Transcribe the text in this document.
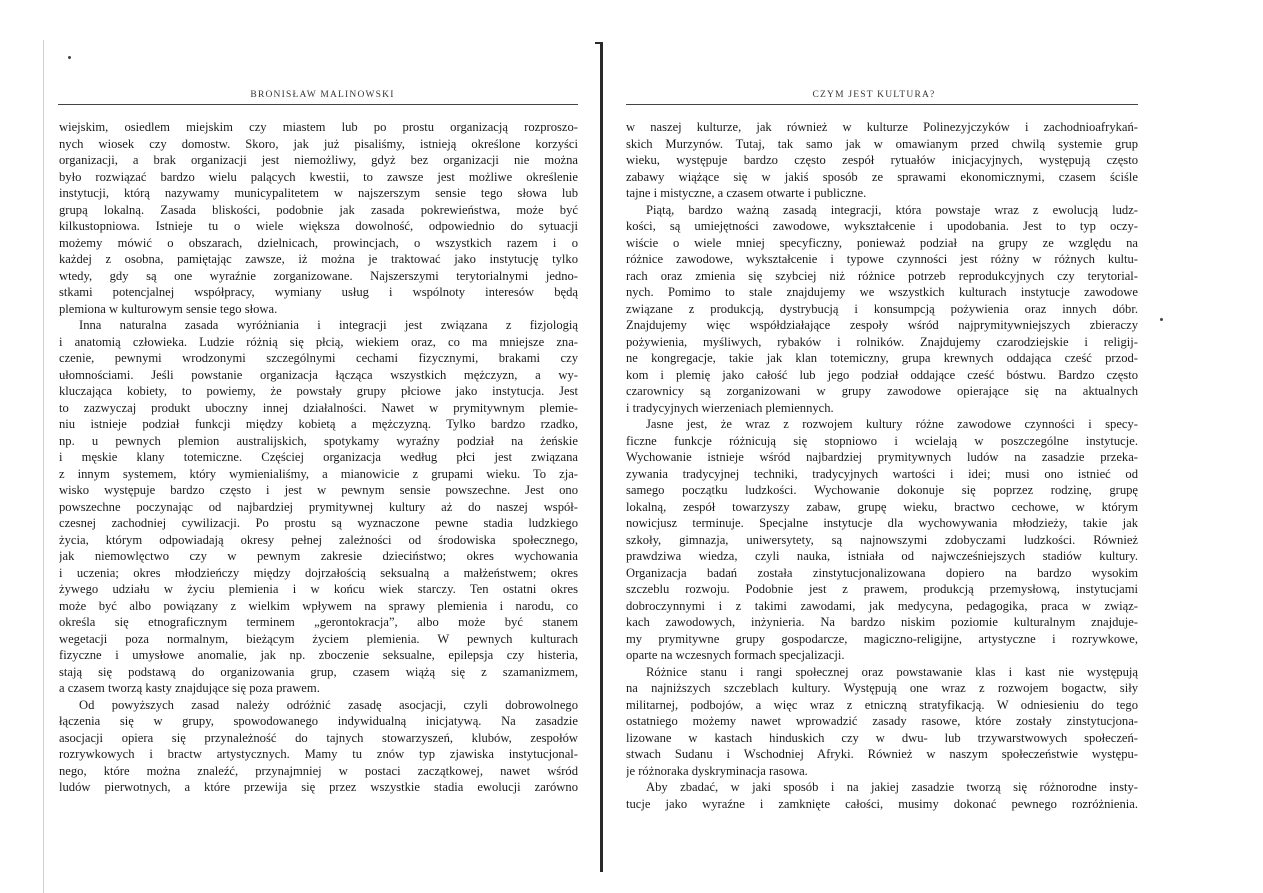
BRONISŁAW MALINOWSKI
wiejskim, osiedlem miejskim czy miastem lub po prostu organizacją rozproszo-
nych wiosek czy domostw. Skoro, jak już pisaliśmy, istnieją określone korzyści
organizacji, a brak organizacji jest niemożliwy, gdyż bez organizacji nie można
było rozwiązać bardzo wielu palących kwestii, to zawsze jest możliwe określenie
instytucji, którą nazywamy municypalitetem w najszerszym sensie tego słowa lub
grupą lokalną. Zasada bliskości, podobnie jak zasada pokrewieństwa, może być
kilkustopniowa. Istnieje tu o wiele większa dowolność, odpowiednio do sytuacji
możemy mówić o obszarach, dzielnicach, prowincjach, o wszystkich razem i o
każdej z osobna, pamiętając zawsze, iż można je traktować jako instytucję tylko
wtedy, gdy są one wyraźnie zorganizowane. Najszerszymi terytorialnymi jedno-
stkami potencjalnej współpracy, wymiany usług i wspólnoty interesów będą
plemiona w kulturowym sensie tego słowa.
Inna naturalna zasada wyróżniania i integracji jest związana z fizjologią
i anatomią człowieka. Ludzie różnią się płcią, wiekiem oraz, co ma mniejsze zna-
czenie, pewnymi wrodzonymi szczególnymi cechami fizycznymi, brakami czy
ułomnościami. Jeśli powstanie organizacja łącząca wszystkich mężczyzn, a wy-
kluczająca kobiety, to powiemy, że powstały grupy płciowe jako instytucja. Jest
to zazwyczaj produkt uboczny innej działalności. Nawet w prymitywnym plemie-
niu istnieje podział funkcji między kobietą a mężczyzną. Tylko bardzo rzadko,
np. u pewnych plemion australijskich, spotykamy wyraźny podział na żeńskie
i męskie klany totemiczne. Częściej organizacja według płci jest związana
z innym systemem, który wymienialiśmy, a mianowicie z grupami wieku. To zja-
wisko występuje bardzo często i jest w pewnym sensie powszechne. Jest ono
powszechne poczynając od najbardziej prymitywnej kultury aż do naszej współ-
czesnej zachodniej cywilizacji. Po prostu są wyznaczone pewne stadia ludzkiego
życia, którym odpowiadają okresy pełnej zależności od środowiska społecznego,
jak niemowlęctwo czy w pewnym zakresie dzieciństwo; okres wychowania
i uczenia; okres młodzieńczy między dojrzałością seksualną a małżeństwem; okres
żywego udziału w życiu plemienia i w końcu wiek starczy. Ten ostatni okres
może być albo powiązany z wielkim wpływem na sprawy plemienia i narodu, co
określa się etnograficznym terminem „gerontokracja”, albo może być stanem
wegetacji poza normalnym, bieżącym życiem plemienia. W pewnych kulturach
fizyczne i umysłowe anomalie, jak np. zboczenie seksualne, epilepsja czy histeria,
stają się podstawą do organizowania grup, czasem wiążą się z szamanizmem,
a czasem tworzą kasty znajdujące się poza prawem.
Od powyższych zasad należy odróżnić zasadę asocjacji, czyli dobrowolnego
łączenia się w grupy, spowodowanego indywidualną inicjatywą. Na zasadzie
asocjacji opiera się przynależność do tajnych stowarzyszeń, klubów, zespołów
rozrywkowych i bractw artystycznych. Mamy tu znów typ zjawiska instytucjonal-
nego, które można znaleźć, przynajmniej w postaci zaczątkowej, nawet wśród
ludów pierwotnych, a które przewija się przez wszystkie stadia ewolucji zarówno
CZYM JEST KULTURA?
w naszej kulturze, jak również w kulturze Polinezyjczyków i zachodnioafrykań-
skich Murzynów. Tutaj, tak samo jak w omawianym przed chwilą systemie grup
wieku, występuje bardzo często zespół rytuałów inicjacyjnych, występują często
zabawy wiążące się w jakiś sposób ze sprawami ekonomicznymi, czasem ściśle
tajne i mistyczne, a czasem otwarte i publiczne.
Piątą, bardzo ważną zasadą integracji, która powstaje wraz z ewolucją ludz-
kości, są umiejętności zawodowe, wykształcenie i upodobania. Jest to typ oczy-
wiście o wiele mniej specyficzny, ponieważ podział na grupy ze względu na
różnice zawodowe, wykształcenie i typowe czynności jest różny w różnych kultu-
rach oraz zmienia się szybciej niż różnice potrzeb reprodukcyjnych czy terytorial-
nych. Pomimo to stale znajdujemy we wszystkich kulturach instytucje zawodowe
związane z produkcją, dystrybucją i konsumpcją pożywienia oraz innych dóbr.
Znajdujemy więc współdziałające zespoły wśród najprymitywniejszych zbieraczy
pożywienia, myśliwych, rybaków i rolników. Znajdujemy czarodziejskie i religij-
ne kongregacje, takie jak klan totemiczny, grupa krewnych oddająca cześć przod-
kom i plemię jako całość lub jego podział oddające cześć bóstwu. Bardzo często
czarownicy są zorganizowani w grupy zawodowe opierające się na aktualnych
i tradycyjnych wierzeniach plemiennych.
Jasne jest, że wraz z rozwojem kultury różne zawodowe czynności i specy-
ficzne funkcje różnicują się stopniowo i wcielają w poszczególne instytucje.
Wychowanie istnieje wśród najbardziej prymitywnych ludów na zasadzie przeka-
zywania tradycyjnej techniki, tradycyjnych wartości i idei; musi ono istnieć od
samego początku ludzkości. Wychowanie dokonuje się poprzez rodzinę, grupę
lokalną, zespół towarzyszy zabaw, grupę wieku, bractwo cechowe, w którym
nowicjusz terminuje. Specjalne instytucje dla wychowywania młodzieży, takie jak
szkoły, gimnazja, uniwersytety, są najnowszymi zdobyczami ludzkości. Również
prawdziwa wiedza, czyli nauka, istniała od najwcześniejszych stadiów kultury.
Organizacja badań została zinstytucjonalizowana dopiero na bardzo wysokim
szczeblu rozwoju. Podobnie jest z prawem, produkcją przemysłową, instytucjami
dobroczynnymi i z takimi zawodami, jak medycyna, pedagogika, praca w związ-
kach zawodowych, inżynieria. Na bardzo niskim poziomie kulturalnym znajduje-
my prymitywne grupy gospodarcze, magiczno-religijne, artystyczne i rozrywkowe,
oparte na wczesnych formach specjalizacji.
Różnice stanu i rangi społecznej oraz powstawanie klas i kast nie występują
na najniższych szczeblach kultury. Występują one wraz z rozwojem bogactw, siły
militarnej, podbojów, a więc wraz z etniczną stratyfikacją. W odniesieniu do tego
ostatniego możemy nawet wprowadzić zasady rasowe, które zostały zinstytucjona-
lizowane w kastach hinduskich czy w dwu- lub trzywarstwowych społeczeń-
stwach Sudanu i Wschodniej Afryki. Również w naszym społeczeństwie występu-
je różnoraka dyskryminacja rasowa.
Aby zbadać, w jaki sposób i na jakiej zasadzie tworzą się różnorodne insty-
tucje jako wyraźne i zamknięte całości, musimy dokonać pewnego rozróżnienia.
